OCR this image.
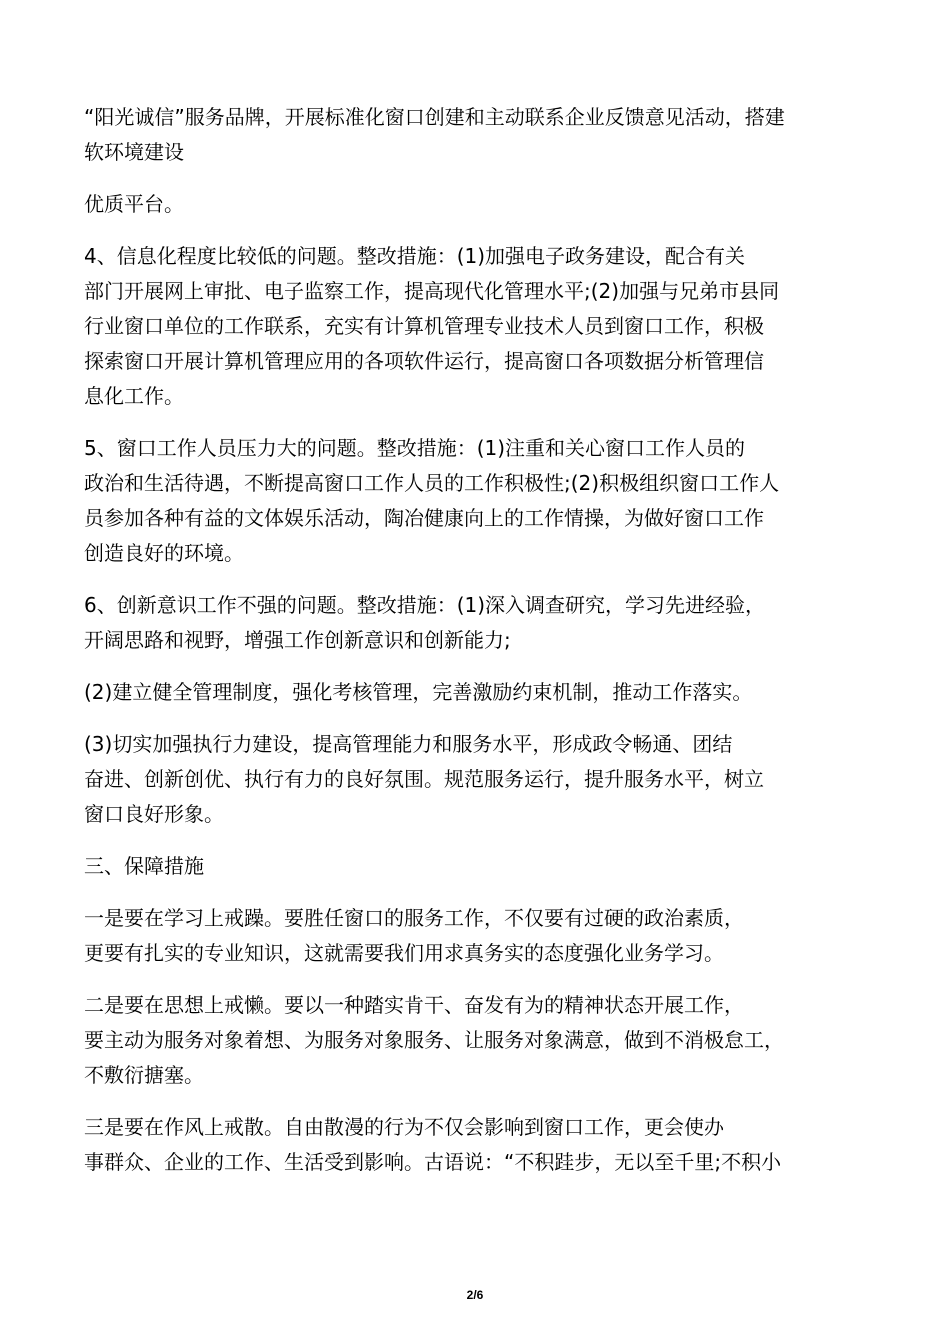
“阳光诚信”服务品牌，开展标准化窗口创建和主动联系企业反馈意见活动，搭建
软环境建设

优质平台。

4、信息化程度比较低的问题。整改措施：(1)加强电子政务建设，配合有关
部门开展网上审批、电子监察工作，提高现代化管理水平;(2)加强与兄弟市县同
行业窗口单位的工作联系，充实有计算机管理专业技术人员到窗口工作，积极
探索窗口开展计算机管理应用的各项软件运行，提高窗口各项数据分析管理信
息化工作。

5、窗口工作人员压力大的问题。整改措施：(1)注重和关心窗口工作人员的
政治和生活待遇，不断提高窗口工作人员的工作积极性;(2)积极组织窗口工作人
员参加各种有益的文体娱乐活动，陶冶健康向上的工作情操，为做好窗口工作
创造良好的环境。

6、创新意识工作不强的问题。整改措施：(1)深入调查研究，学习先进经验，
开阔思路和视野，增强工作创新意识和创新能力;

(2)建立健全管理制度，强化考核管理，完善激励约束机制，推动工作落实。

(3)切实加强执行力建设，提高管理能力和服务水平，形成政令畅通、团结
奋进、创新创优、执行有力的良好氛围。规范服务运行，提升服务水平，树立
窗口良好形象。

三、保障措施

一是要在学习上戒躁。要胜任窗口的服务工作，不仅要有过硬的政治素质，
更要有扎实的专业知识，这就需要我们用求真务实的态度强化业务学习。

二是要在思想上戒懒。要以一种踏实肯干、奋发有为的精神状态开展工作，
要主动为服务对象着想、为服务对象服务、让服务对象满意，做到不消极怠工，
不敷衍搪塞。

三是要在作风上戒散。自由散漫的行为不仅会影响到窗口工作，更会使办
事群众、企业的工作、生活受到影响。古语说：“不积跬步，无以至千里;不积小

2/6
